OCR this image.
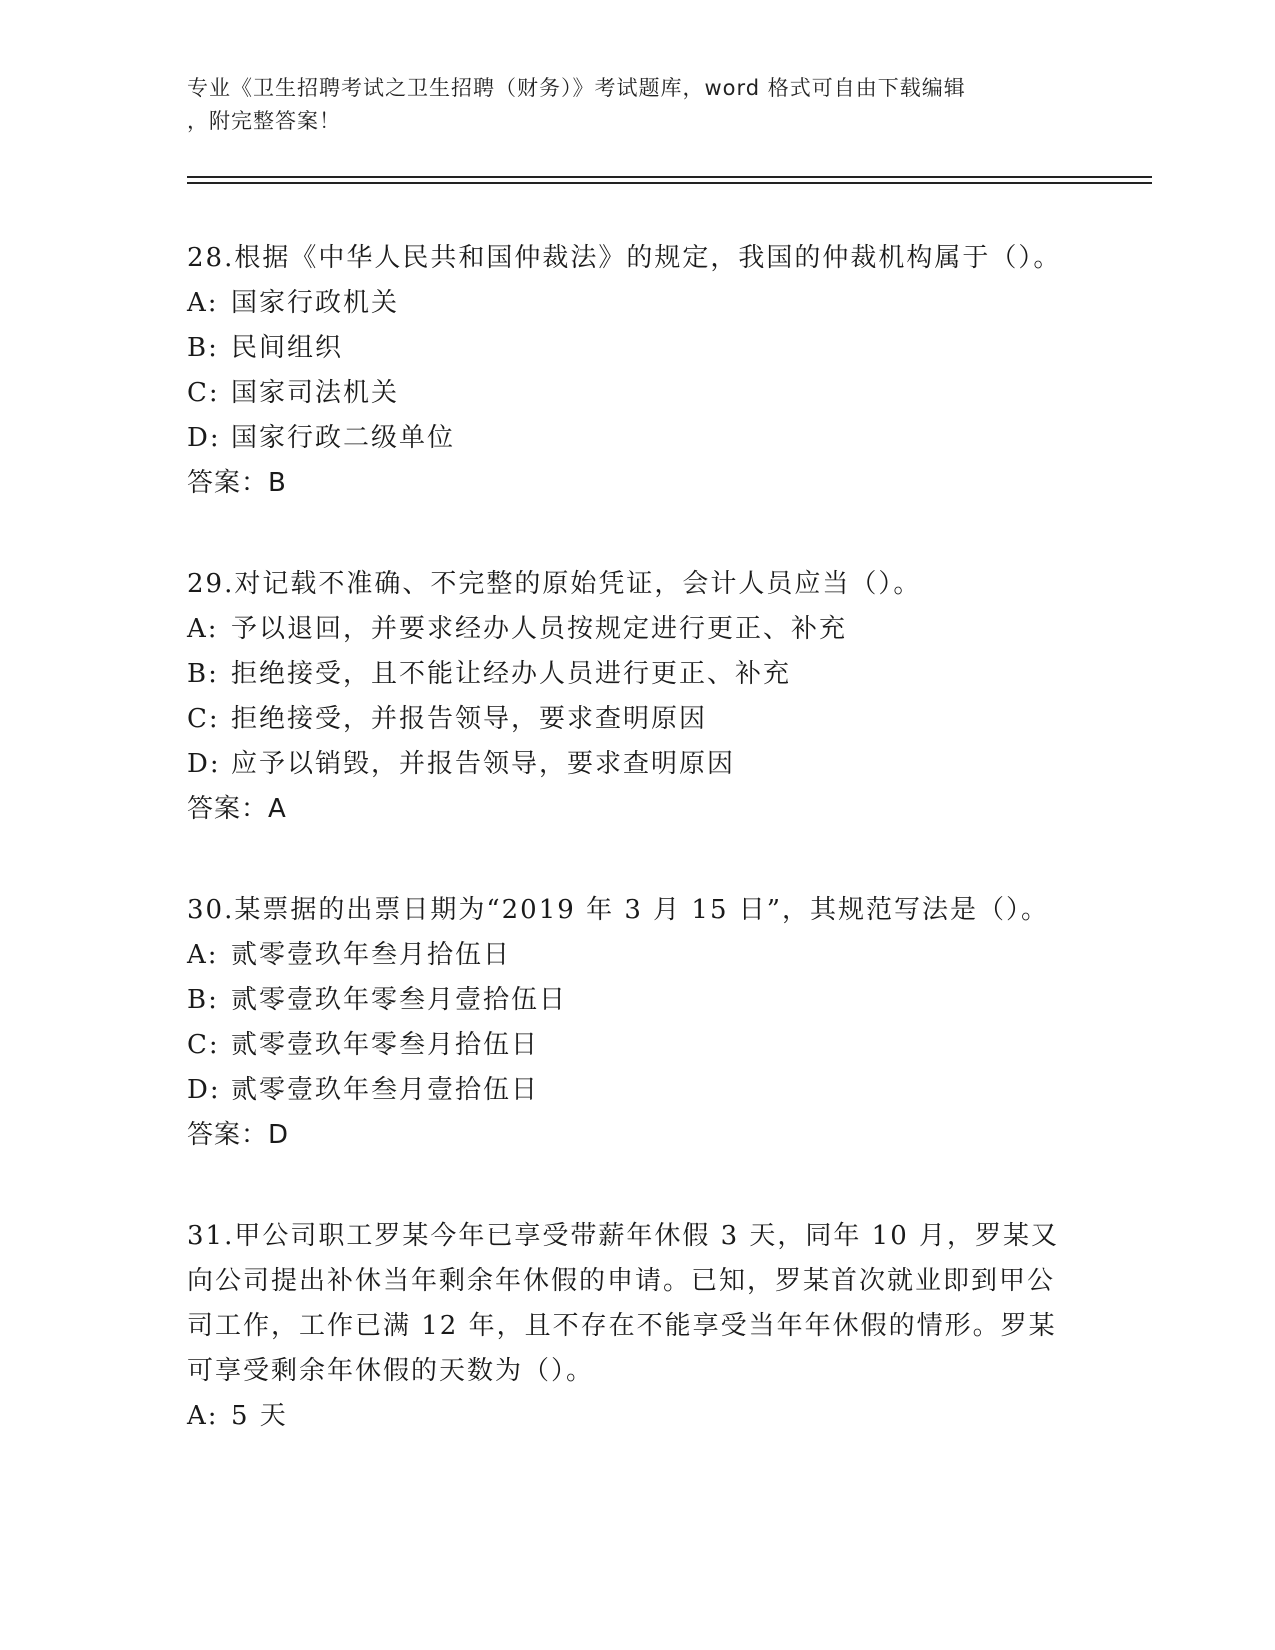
专业《卫生招聘考试之卫生招聘（财务）》考试题库，word 格式可自由下载编辑
，附完整答案！

28.根据《中华人民共和国仲裁法》的规定，我国的仲裁机构属于（）。

A: 国家行政机关

B: 民间组织

C: 国家司法机关

D: 国家行政二级单位

答案：B

29.对记载不准确、不完整的原始凭证，会计人员应当（）。

A: 予以退回，并要求经办人员按规定进行更正、补充

B: 拒绝接受，且不能让经办人员进行更正、补充

C: 拒绝接受，并报告领导，要求查明原因

D: 应予以销毁，并报告领导，要求查明原因

答案：A

30.某票据的出票日期为“2019 年 3 月 15 日”，其规范写法是（）。

A: 贰零壹玖年叁月拾伍日

B: 贰零壹玖年零叁月壹拾伍日

C: 贰零壹玖年零叁月拾伍日

D: 贰零壹玖年叁月壹拾伍日

答案：D

31.甲公司职工罗某今年已享受带薪年休假 3 天，同年 10 月，罗某又向公司提出补休当年剩余年休假的申请。已知，罗某首次就业即到甲公司工作，工作已满 12 年，且不存在不能享受当年年休假的情形。罗某可享受剩余年休假的天数为（）。

A: 5 天
